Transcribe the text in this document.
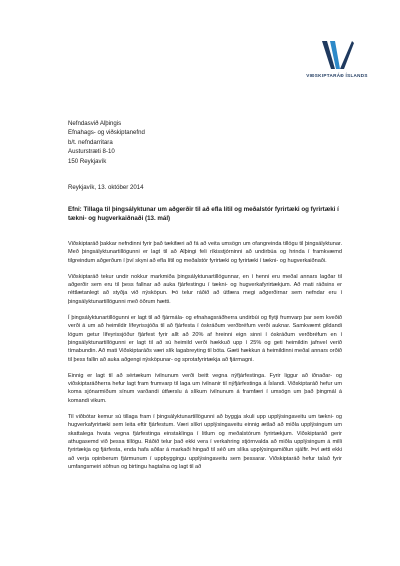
VIÐSKIPTARÁÐ ÍSLANDS
Nefndasvið Alþingis
Efnahags- og viðskiptanefnd
b/t. nefndarritara
Austurstræti 8-10
150 Reykjavík
Reykjavík, 13. október 2014
Efni: Tillaga til þingsályktunar um aðgerðir til að efla lítil og meðalstór fyrirtæki og fyrirtæki í tækni- og hugverkaiðnaði (13. mál)

Viðskiptaráð þakkar nefndinni fyrir það tækifæri að fá að veita umsögn um ofangreinda tillögu til þingsályktunar. Með þingsályktunartillögunni er lagt til að Alþingi feli ríkisstjórninni að undirbúa og hrinda í framkvæmd tilgreindum aðgerðum í því skyni að efla lítil og meðalstór fyrirtæki og fyrirtæki í tækni- og hugverkaiðnaði.

Viðskiptaráð tekur undir nokkur markmiða þingsályktunartillögunnar, en í henni eru meðal annars lagðar til aðgerðir sem eru til þess fallnar að auka fjárfestingu í tækni- og hugverkafyrirtækjum. Að mati ráðsins er réttlætanlegt að styðja við nýsköpun. Þó telur ráðið að útfæra megi aðgerðirnar sem nefndar eru í þingsályktunartillögunni með öðrum hætti.

Í þingsályktunartillögunni er lagt til að fjármála- og efnahagsráðherra undirbúi og flytji frumvarp þar sem kveðið verði á um að heimildir lífeyrissjóða til að fjárfesta í óskráðum verðbréfum verði auknar. Samkvæmt gildandi lögum getur lífeyrissjóður fjárfest fyrir allt að 20% af hreinni eign sinni í óskráðum verðbréfum en í þingsályktunartillögunni er lagt til að sú heimild verði hækkuð upp í 25% og geti heimildin jafnvel verið tímabundin. Að mati Viðskiptaráðs væri slík lagabreyting til bóta. Gæti hækkun á heimildinni meðal annars orðið til þess fallin að auka aðgengi nýsköpunar- og sprotafyrirtækja að fjármagni.

Einnig er lagt til að sértækum ívilnunum verði beitt vegna nýfjárfestinga. Fyrir liggur að iðnaðar- og viðskiptaráðherra hefur lagt fram frumvarp til laga um ívilnanir til nýfjárfestinga á Íslandi. Viðskiptaráð hefur um koma sjónarmiðum sínum varðandi útfærslu á slíkum ívilnunum á framfæri í umsögn um það þingmál á komandi vikum.

Til viðbótar kemur sú tillaga fram í þingsályktunartillögunni að byggja skuli upp upplýsingaveitu um tækni- og hugverkafyrirtæki sem leita eftir fjárfestum. Væri slíkri upplýsingaveitu einnig ætlað að miðla upplýsingum um skattalega hvata vegna fjárfestinga einstaklinga í litlum og meðalstórum fyrirtækjum. Viðskiptaráð gerir athugasemd við þessa tillögu. Ráðið telur það ekki vera í verkahring stjórnvalda að miðla upplýsingum á milli fyrirtækja og fjárfesta, enda hafa aðilar á markaði hingað til séð um slíka upplýsingamiðlun sjálfir. Því ætti ekki að verja opinberum fjármunum í uppbyggingu upplýsingaveitu sem þessarar. Viðskiptaráð hefur talað fyrir umfangsmeiri söfnun og birtingu hagtalna og lagt til að
